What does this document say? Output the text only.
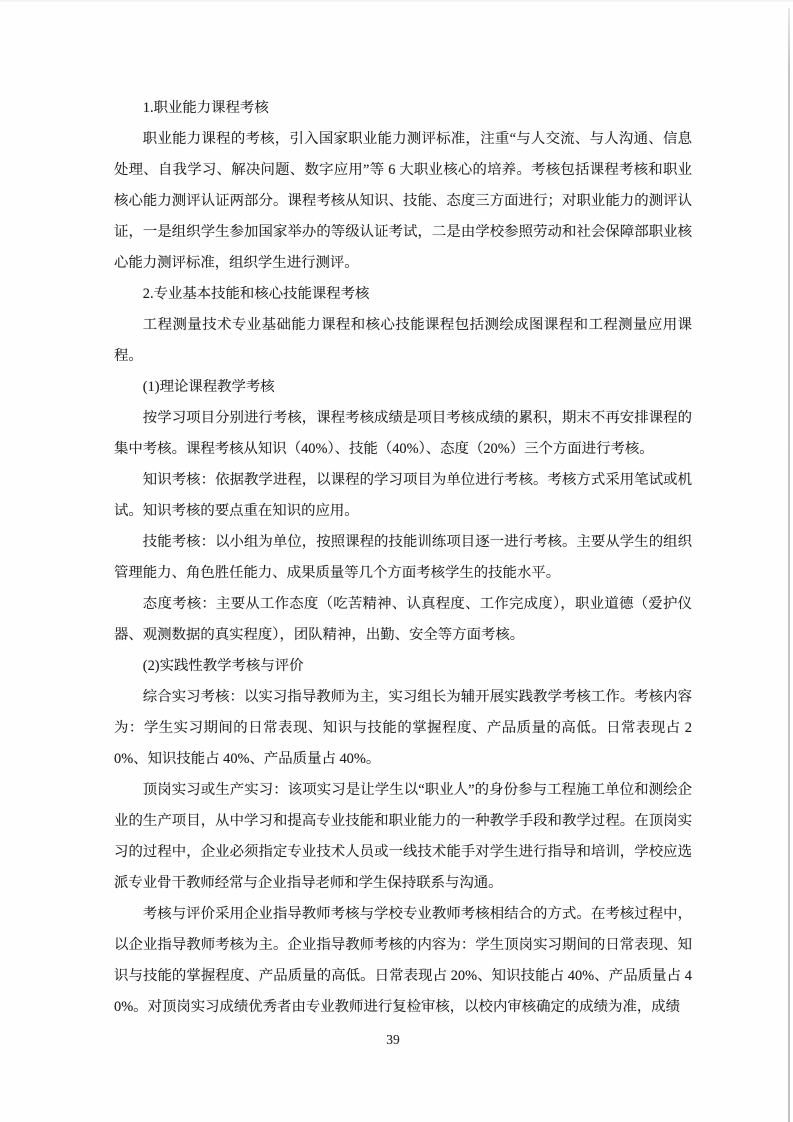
1.职业能力课程考核

职业能力课程的考核，引入国家职业能力测评标准，注重“与人交流、与人沟通、信息处理、自我学习、解决问题、数字应用”等 6 大职业核心的培养。考核包括课程考核和职业核心能力测评认证两部分。课程考核从知识、技能、态度三方面进行；对职业能力的测评认证，一是组织学生参加国家举办的等级认证考试，二是由学校参照劳动和社会保障部职业核心能力测评标准，组织学生进行测评。

2.专业基本技能和核心技能课程考核

工程测量技术专业基础能力课程和核心技能课程包括测绘成图课程和工程测量应用课程。

(1)理论课程教学考核

按学习项目分别进行考核，课程考核成绩是项目考核成绩的累积，期末不再安排课程的集中考核。课程考核从知识（40%）、技能（40%）、态度（20%）三个方面进行考核。

知识考核：依据教学进程，以课程的学习项目为单位进行考核。考核方式采用笔试或机试。知识考核的要点重在知识的应用。

技能考核：以小组为单位，按照课程的技能训练项目逐一进行考核。主要从学生的组织管理能力、角色胜任能力、成果质量等几个方面考核学生的技能水平。

态度考核：主要从工作态度（吃苦精神、认真程度、工作完成度），职业道德（爱护仪器、观测数据的真实程度），团队精神，出勤、安全等方面考核。

(2)实践性教学考核与评价

综合实习考核：以实习指导教师为主，实习组长为辅开展实践教学考核工作。考核内容为：学生实习期间的日常表现、知识与技能的掌握程度、产品质量的高低。日常表现占 20%、知识技能占 40%、产品质量占 40%。

顶岗实习或生产实习：该项实习是让学生以“职业人”的身份参与工程施工单位和测绘企业的生产项目，从中学习和提高专业技能和职业能力的一种教学手段和教学过程。在顶岗实习的过程中，企业必须指定专业技术人员或一线技术能手对学生进行指导和培训，学校应选派专业骨干教师经常与企业指导老师和学生保持联系与沟通。

考核与评价采用企业指导教师考核与学校专业教师考核相结合的方式。在考核过程中，以企业指导教师考核为主。企业指导教师考核的内容为：学生顶岗实习期间的日常表现、知识与技能的掌握程度、产品质量的高低。日常表现占 20%、知识技能占 40%、产品质量占 40%。对顶岗实习成绩优秀者由专业教师进行复检审核，以校内审核确定的成绩为准，成绩

39
